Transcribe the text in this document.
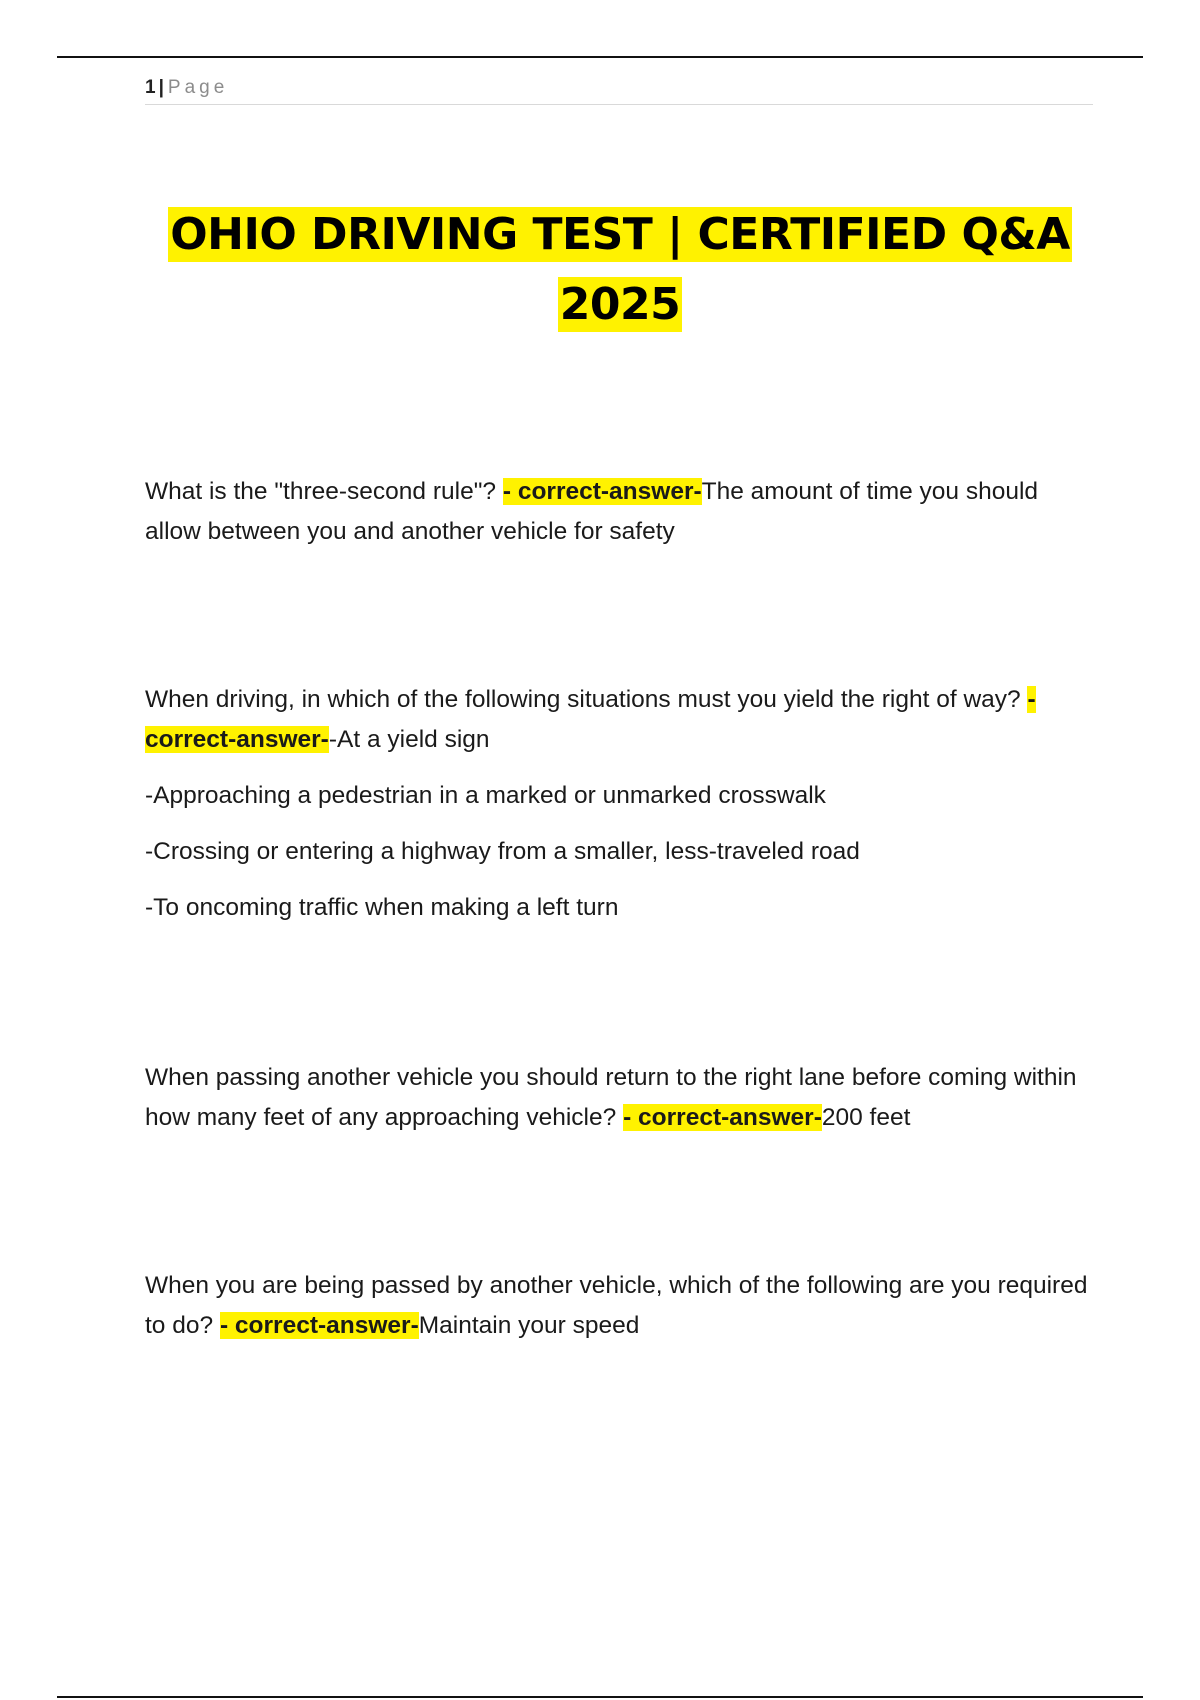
1 | Page
OHIO DRIVING TEST | CERTIFIED Q&A
2025

What is the "three-second rule"? - correct-answer-The amount of time you should allow between you and another vehicle for safety

When driving, in which of the following situations must you yield the right of way? - correct-answer--At a yield sign

-Approaching a pedestrian in a marked or unmarked crosswalk

-Crossing or entering a highway from a smaller, less-traveled road

-To oncoming traffic when making a left turn

When passing another vehicle you should return to the right lane before coming within how many feet of any approaching vehicle? - correct-answer-200 feet

When you are being passed by another vehicle, which of the following are you required to do? - correct-answer-Maintain your speed
